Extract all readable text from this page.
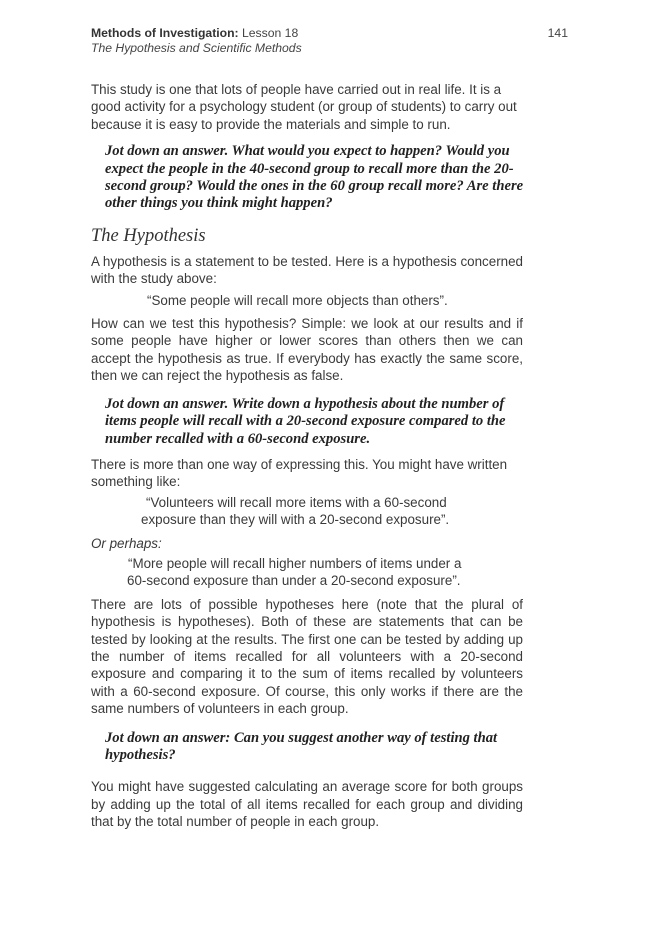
Methods of Investigation: Lesson 18
The Hypothesis and Scientific Methods
141

This study is one that lots of people have carried out in real life. It is a good activity for a psychology student (or group of students) to carry out because it is easy to provide the materials and simple to run.

Jot down an answer. What would you expect to happen? Would you expect the people in the 40-second group to recall more than the 20-second group? Would the ones in the 60 group recall more? Are there other things you think might happen?

The Hypothesis

A hypothesis is a statement to be tested. Here is a hypothesis concerned with the study above:

“Some people will recall more objects than others”.

How can we test this hypothesis? Simple: we look at our results and if some people have higher or lower scores than others then we can accept the hypothesis as true. If everybody has exactly the same score, then we can reject the hypothesis as false.

Jot down an answer. Write down a hypothesis about the number of items people will recall with a 20-second exposure compared to the number recalled with a 60-second exposure.

There is more than one way of expressing this. You might have written something like:

“Volunteers will recall more items with a 60-second
exposure than they will with a 20-second exposure”.

Or perhaps:

“More people will recall higher numbers of items under a
60-second exposure than under a 20-second exposure”.

There are lots of possible hypotheses here (note that the plural of hypothesis is hypotheses). Both of these are statements that can be tested by looking at the results. The first one can be tested by adding up the number of items recalled for all volunteers with a 20-second exposure and comparing it to the sum of items recalled by volunteers with a 60-second exposure. Of course, this only works if there are the same numbers of volunteers in each group.

Jot down an answer: Can you suggest another way of testing that hypothesis?

You might have suggested calculating an average score for both groups by adding up the total of all items recalled for each group and dividing that by the total number of people in each group.
